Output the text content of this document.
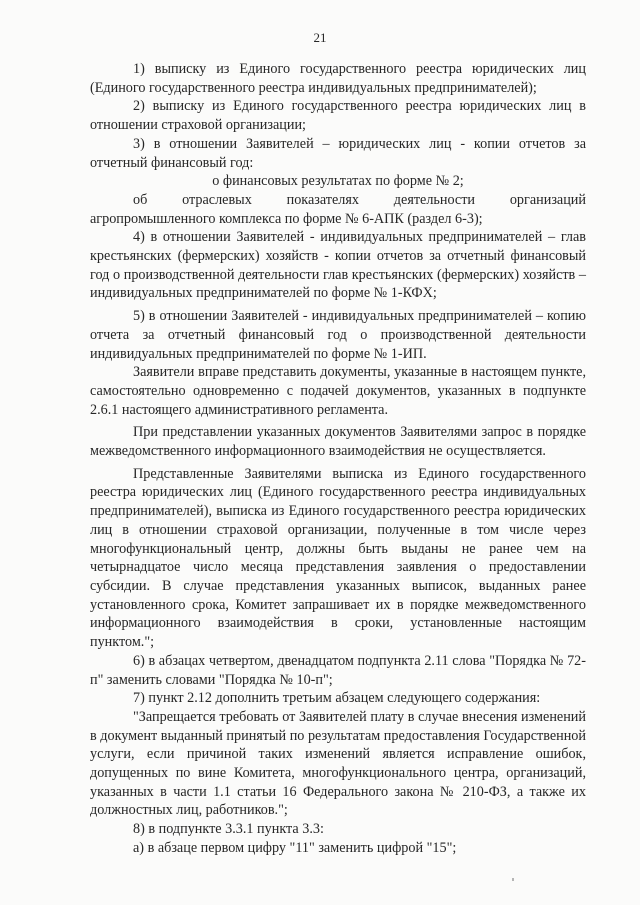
21

1) выписку из Единого государственного реестра юридических лиц (Единого государственного реестра индивидуальных предпринимателей);

2) выписку из Единого государственного реестра юридических лиц в отношении страховой организации;

3) в отношении Заявителей – юридических лиц - копии отчетов за отчетный финансовый год:

о финансовых результатах по форме № 2;

об отраслевых показателях деятельности организаций агропромышленного комплекса по форме № 6-АПК (раздел 6-3);

4) в отношении Заявителей - индивидуальных предпринимателей – глав крестьянских (фермерских) хозяйств - копии отчетов за отчетный финансовый год о производственной деятельности глав крестьянских (фермерских) хозяйств – индивидуальных предпринимателей по форме № 1-КФХ;

5) в отношении Заявителей - индивидуальных предпринимателей – копию отчета за отчетный финансовый год о производственной деятельности индивидуальных предпринимателей по форме № 1-ИП.

Заявители вправе представить документы, указанные в настоящем пункте, самостоятельно одновременно с подачей документов, указанных в подпункте 2.6.1 настоящего административного регламента.

При представлении указанных документов Заявителями запрос в порядке межведомственного информационного взаимодействия не осуществляется.

Представленные Заявителями выписка из Единого государственного реестра юридических лиц (Единого государственного реестра индивидуальных предпринимателей), выписка из Единого государственного реестра юридических лиц в отношении страховой организации, полученные в том числе через многофункциональный центр, должны быть выданы не ранее чем на четырнадцатое число месяца представления заявления о предоставлении субсидии. В случае представления указанных выписок, выданных ранее установленного срока, Комитет запрашивает их в порядке межведомственного информационного взаимодействия в сроки, установленные настоящим пунктом.";

6) в абзацах четвертом, двенадцатом подпункта 2.11 слова "Порядка № 72-п" заменить словами "Порядка № 10-п";

7) пункт 2.12 дополнить третьим абзацем следующего содержания:

"Запрещается требовать от Заявителей плату в случае внесения изменений в документ выданный принятый по результатам предоставления Государственной услуги, если причиной таких изменений является исправление ошибок, допущенных по вине Комитета, многофункционального центра, организаций, указанных в части 1.1 статьи 16 Федерального закона № 210-ФЗ, а также их должностных лиц, работников.";

8) в подпункте 3.3.1 пункта 3.3:

а) в абзаце первом цифру "11" заменить цифрой "15";
